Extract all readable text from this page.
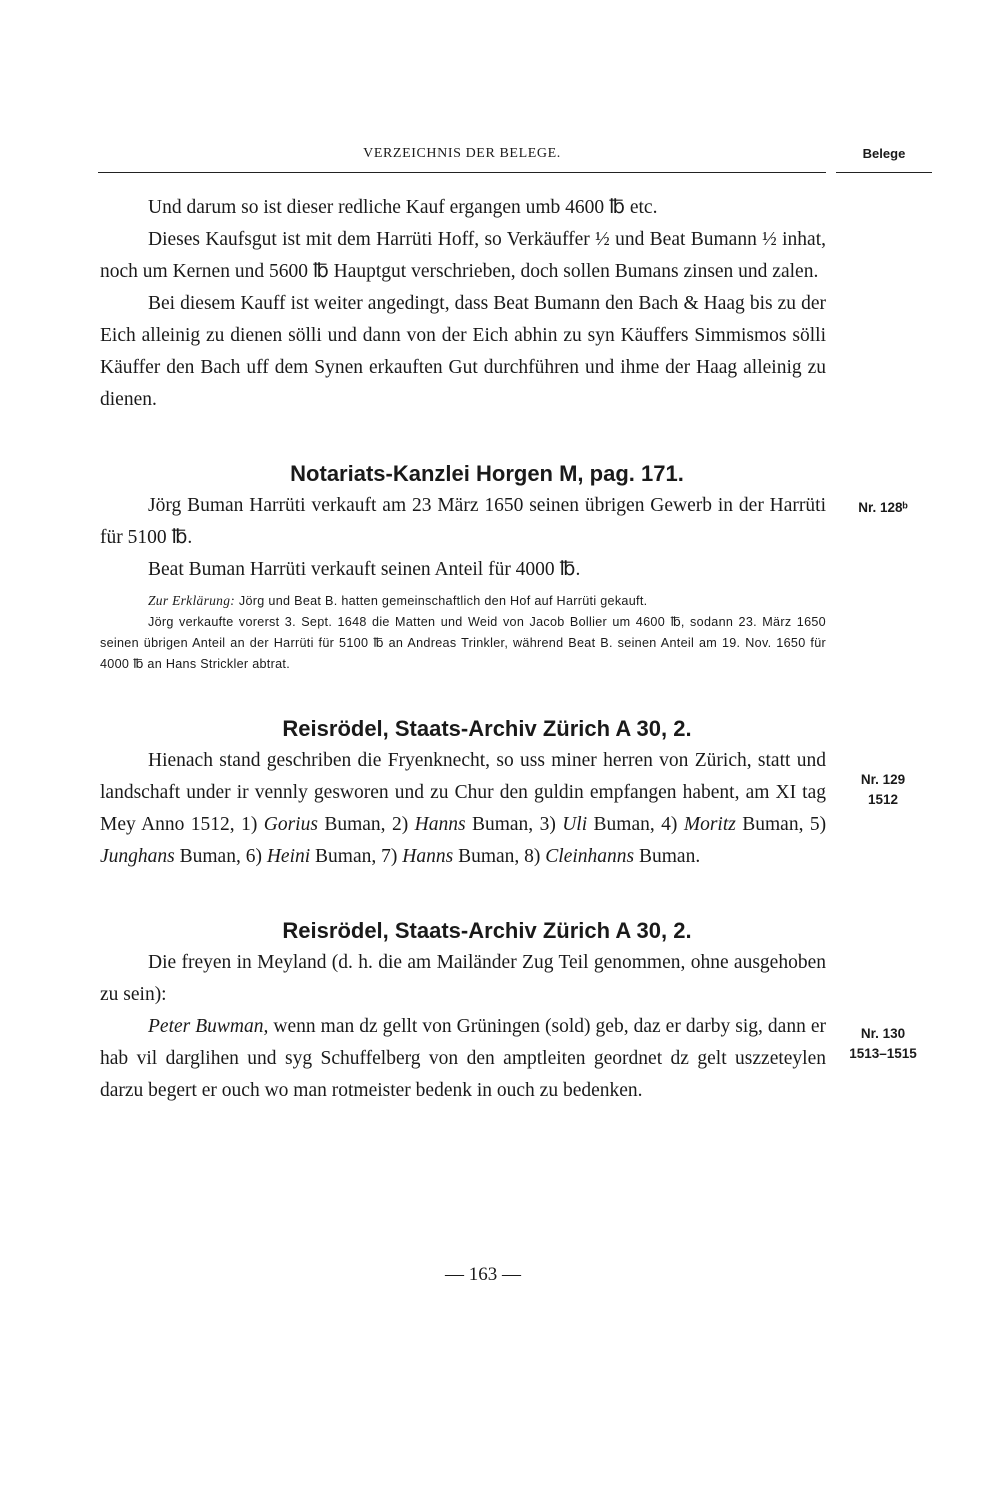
VERZEICHNIS DER BELEGE.	Belege
Nr. 128ᵇ
Nr. 129
1512
Nr. 130
1513–1515

Und darum so ist dieser redliche Kauf ergangen umb 4600 ℔ etc.

Dieses Kaufsgut ist mit dem Harrüti Hoff, so Verkäuffer ½ und Beat Bumann ½ inhat, noch um Kernen und 5600 ℔ Hauptgut verschrieben, doch sollen Bumans zinsen und zalen.

Bei diesem Kauff ist weiter angedingt, dass Beat Bumann den Bach & Haag bis zu der Eich alleinig zu dienen sölli und dann von der Eich abhin zu syn Käuffers Simmismos sölli Käuffer den Bach uff dem Synen erkauften Gut durchführen und ihme der Haag alleinig zu dienen.

Notariats-Kanzlei Horgen M, pag. 171.

Jörg Buman Harrüti verkauft am 23 März 1650 seinen übrigen Gewerb in der Harrüti für 5100 ℔.

Beat Buman Harrüti verkauft seinen Anteil für 4000 ℔.

Zur Erklärung: Jörg und Beat B. hatten gemeinschaftlich den Hof auf Harrüti gekauft.

Jörg verkaufte vorerst 3. Sept. 1648 die Matten und Weid von Jacob Bollier um 4600 ℔, sodann 23. März 1650 seinen übrigen Anteil an der Harrüti für 5100 ℔ an Andreas Trinkler, während Beat B. seinen Anteil am 19. Nov. 1650 für 4000 ℔ an Hans Strickler abtrat.

Reisrödel, Staats-Archiv Zürich A 30, 2.

Hienach stand geschriben die Fryenknecht, so uss miner herren von Zürich, statt und landschaft under ir vennly gesworen und zu Chur den guldin empfangen habent, am XI tag Mey Anno 1512, 1) Gorius Buman, 2) Hanns Buman, 3) Uli Buman, 4) Moritz Buman, 5) Junghans Buman, 6) Heini Buman, 7) Hanns Buman, 8) Cleinhanns Buman.

Reisrödel, Staats-Archiv Zürich A 30, 2.

Die freyen in Meyland (d. h. die am Mailänder Zug Teil genommen, ohne ausgehoben zu sein):

Peter Buwman, wenn man dz gellt von Grüningen (sold) geb, daz er darby sig, dann er hab vil darglihen und syg Schuffelberg von den amptleiten geordnet dz gelt uszzeteylen darzu begert er ouch wo man rotmeister bedenk in ouch zu bedenken.

— 163 —
